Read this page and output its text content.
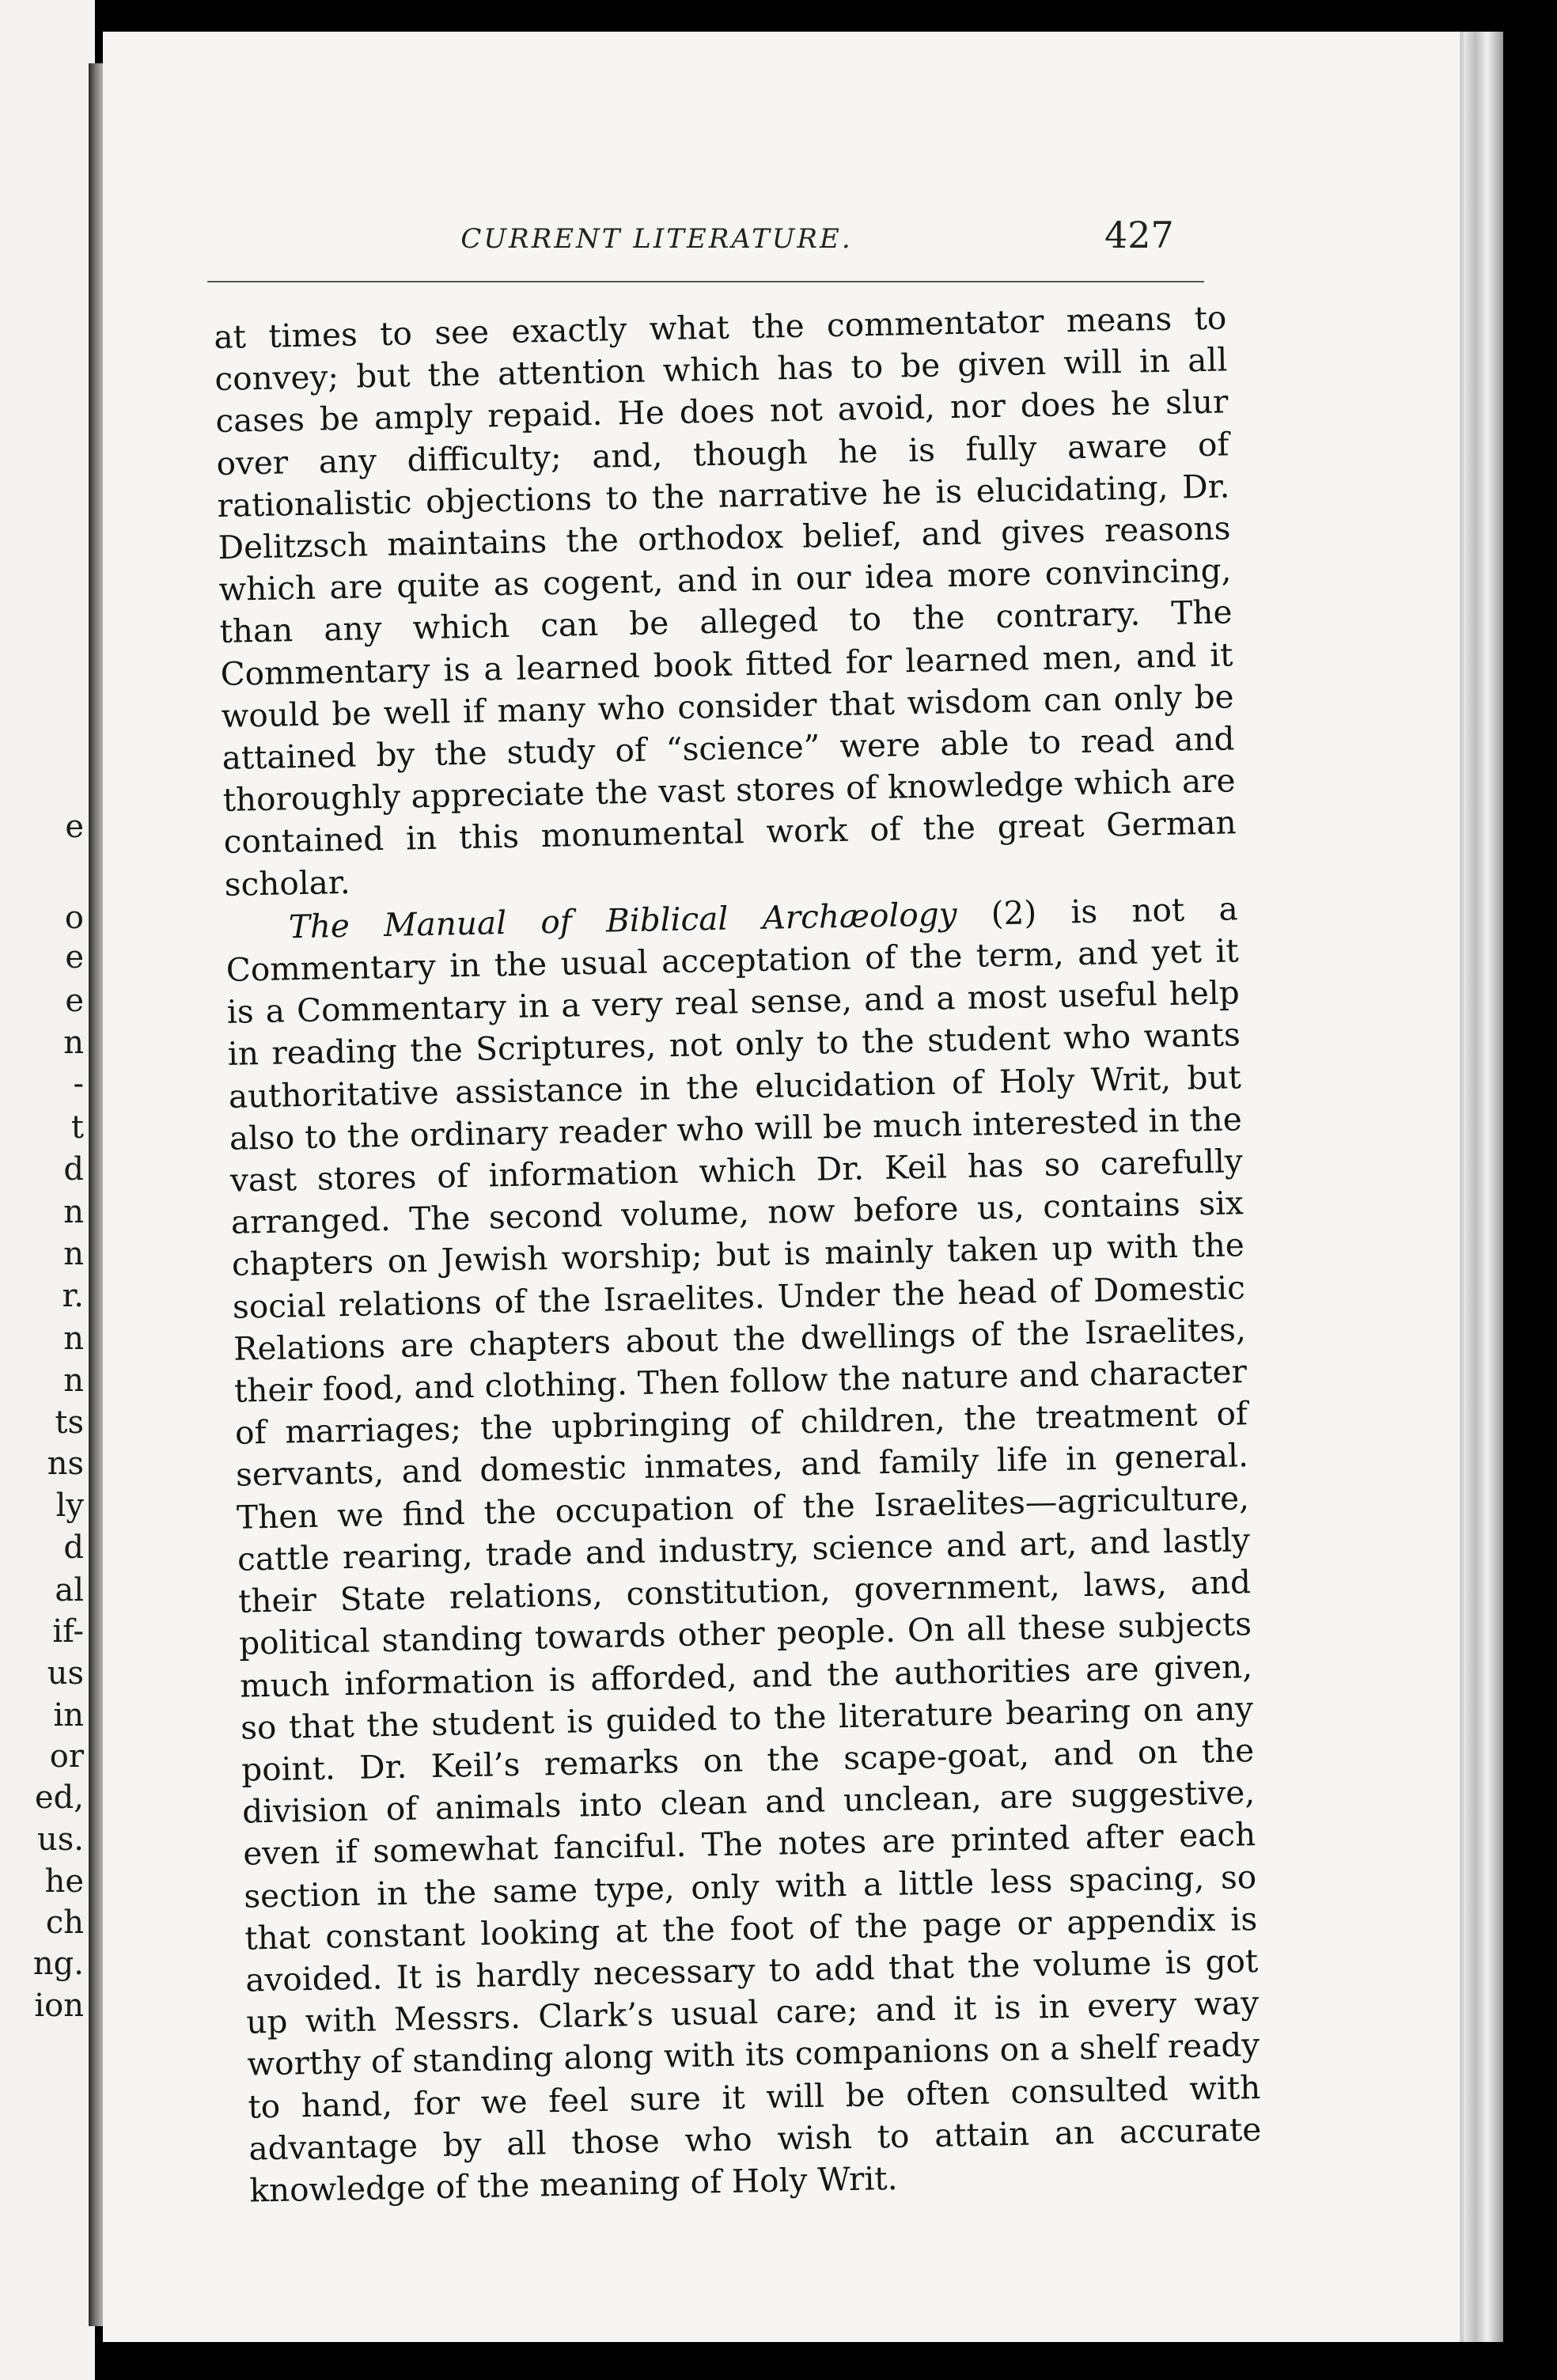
e
o
e
e
n
-
t
d
n
n
r.
n
n
ts
ns
ly
d
al
if-
us
in
or
ed,
us.
he
ch
ng.
ion
CURRENT LITERATURE.	427

at times to see exactly what the commentator means to convey; but the attention which has to be given will in all cases be amply repaid. He does not avoid, nor does he slur over any difficulty; and, though he is fully aware of rationalistic objections to the narrative he is elucidating, Dr. Delitzsch maintains the orthodox belief, and gives reasons which are quite as cogent, and in our idea more convincing, than any which can be alleged to the contrary. The Commentary is a learned book fitted for learned men, and it would be well if many who consider that wisdom can only be attained by the study of “science” were able to read and thoroughly appreciate the vast stores of knowledge which are contained in this monumental work of the great German scholar.

The Manual of Biblical Archæology (2) is not a Commentary in the usual acceptation of the term, and yet it is a Commentary in a very real sense, and a most useful help in reading the Scriptures, not only to the student who wants authoritative assistance in the elucidation of Holy Writ, but also to the ordinary reader who will be much interested in the vast stores of information which Dr. Keil has so carefully arranged. The second volume, now before us, contains six chapters on Jewish worship; but is mainly taken up with the social relations of the Israelites. Under the head of Domestic Relations are chapters about the dwellings of the Israelites, their food, and clothing. Then follow the nature and character of marriages; the upbringing of children, the treatment of servants, and domestic inmates, and family life in general. Then we find the occupation of the Israelites—agriculture, cattle rearing, trade and industry, science and art, and lastly their State relations, constitution, government, laws, and political standing towards other people. On all these subjects much information is afforded, and the authorities are given, so that the student is guided to the literature bearing on any point. Dr. Keil’s remarks on the scape-goat, and on the division of animals into clean and unclean, are suggestive, even if somewhat fanciful. The notes are printed after each section in the same type, only with a little less spacing, so that constant looking at the foot of the page or appendix is avoided. It is hardly necessary to add that the volume is got up with Messrs. Clark’s usual care; and it is in every way worthy of standing along with its companions on a shelf ready to hand, for we feel sure it will be often consulted with advantage by all those who wish to attain an accurate knowledge of the meaning of Holy Writ.
